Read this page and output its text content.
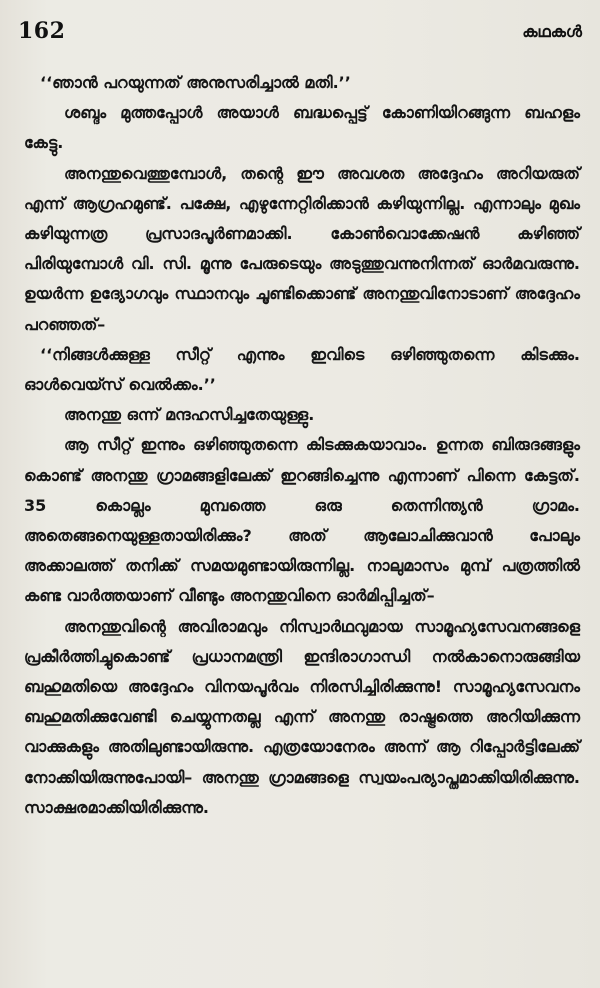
162	കഥകൾ

‘‘ഞാൻ പറയുന്നത് അനുസരിച്ചാൽ മതി.’’

ശബ്ദം മുത്തപ്പോൾ അയാൾ ബദ്ധപ്പെട്ട് കോണിയിറങ്ങുന്ന ബഹളം കേട്ടു.

അനന്തുവെത്തുമ്പോൾ, തന്റെ ഈ അവശത അദ്ദേഹം അറിയരുത് എന്ന് ആഗ്രഹമുണ്ട്. പക്ഷേ, എഴുന്നേറ്റിരിക്കാൻ കഴിയുന്നില്ല. എന്നാലും മുഖം കഴിയുന്നത്ര പ്രസാദപൂർണമാക്കി. കോൺവൊക്കേഷൻ കഴിഞ്ഞ് പിരിയുമ്പോൾ വി. സി. മൂന്നു പേരുടെയും അടുത്തുവന്നുനിന്നത് ഓർമവരുന്നു. ഉയർന്ന ഉദ്യോഗവും സ്ഥാനവും ചൂണ്ടിക്കൊണ്ട് അനന്തുവിനോടാണ് അദ്ദേഹം പറഞ്ഞത്–

‘‘നിങ്ങൾക്കുള്ള സീറ്റ് എന്നും ഇവിടെ ഒഴിഞ്ഞുതന്നെ കിടക്കും. ഓൾവെയ്സ് വെൽക്കം.’’

അനന്തു ഒന്ന് മന്ദഹസിച്ചതേയുള്ളു.

ആ സീറ്റ് ഇന്നും ഒഴിഞ്ഞുതന്നെ കിടക്കുകയാവാം. ഉന്നത ബിരുദങ്ങളും കൊണ്ട് അനന്തു ഗ്രാമങ്ങളിലേക്ക് ഇറങ്ങിച്ചെന്നു എന്നാണ് പിന്നെ കേട്ടത്. 35 കൊല്ലം മുമ്പത്തെ ഒരു തെന്നിന്ത്യൻ ഗ്രാമം. അതെങ്ങനെയുള്ളതായിരിക്കും? അത് ആലോചിക്കുവാൻ പോലും അക്കാലത്ത് തനിക്ക് സമയമുണ്ടായിരുന്നില്ല. നാലുമാസം മുമ്പ് പത്രത്തിൽ കണ്ട വാർത്തയാണ് വീണ്ടും അനന്തുവിനെ ഓർമിപ്പിച്ചത്–

അനന്തുവിന്റെ അവിരാമവും നിസ്വാർഥവുമായ സാമൂഹ്യസേവനങ്ങളെ പ്രകീർത്തിച്ചുകൊണ്ട് പ്രധാനമന്ത്രി ഇന്ദിരാഗാന്ധി നൽകാനൊരുങ്ങിയ ബഹുമതിയെ അദ്ദേഹം വിനയപൂർവം നിരസിച്ചിരിക്കുന്നു! സാമൂഹ്യസേവനം ബഹുമതിക്കുവേണ്ടി ചെയ്യുന്നതല്ല എന്ന് അനന്തു രാഷ്ട്രത്തെ അറിയിക്കുന്ന വാക്കുകളും അതിലുണ്ടായിരുന്നു. എത്രയോനേരം അന്ന് ആ റിപ്പോർട്ടിലേക്ക് നോക്കിയിരുന്നുപോയി– അനന്തു ഗ്രാമങ്ങളെ സ്വയംപര്യാപ്തമാക്കിയിരിക്കുന്നു. സാക്ഷരമാക്കിയിരിക്കുന്നു.
